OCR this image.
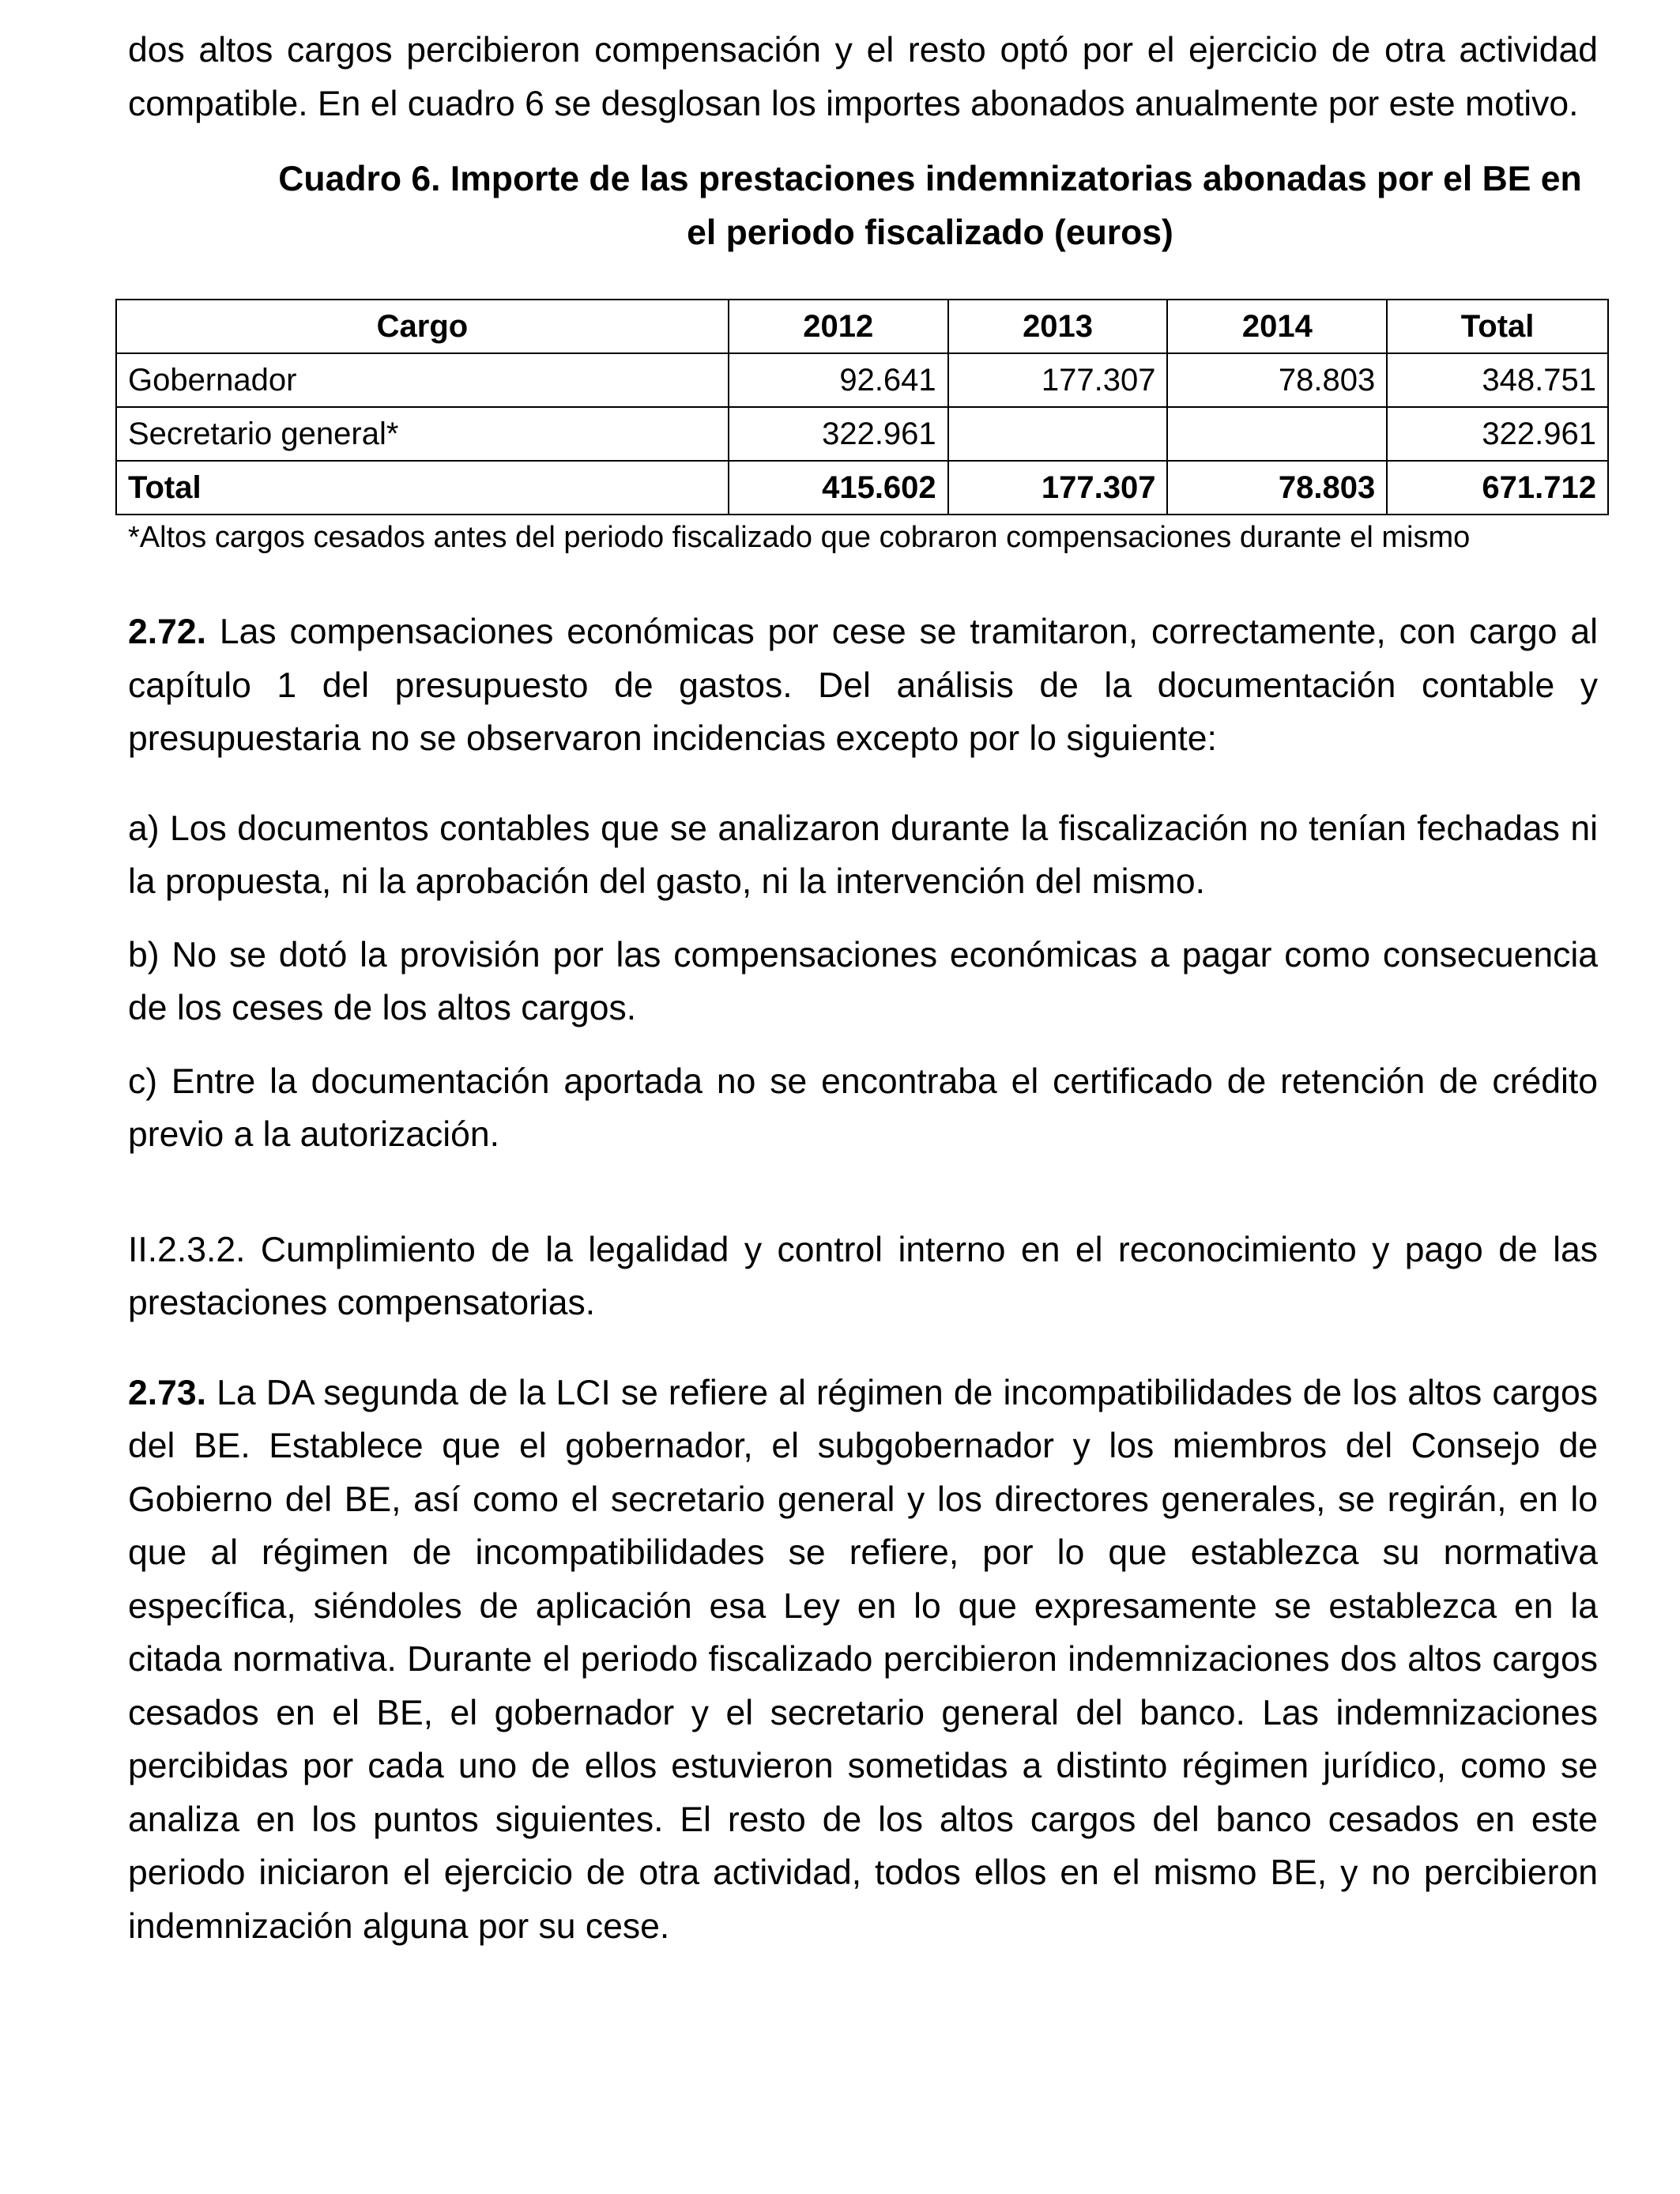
dos altos cargos percibieron compensación y el resto optó por el ejercicio de otra actividad compatible. En el cuadro 6 se desglosan los importes abonados anualmente por este motivo.

Cuadro 6. Importe de las prestaciones indemnizatorias abonadas por el BE en el periodo fiscalizado (euros)

Cargo	2012	2013	2014	Total
Gobernador	92.641	177.307	78.803	348.751
Secretario general*	322.961			322.961
Total	415.602	177.307	78.803	671.712

*Altos cargos cesados antes del periodo fiscalizado que cobraron compensaciones durante el mismo

2.72. Las compensaciones económicas por cese se tramitaron, correctamente, con cargo al capítulo 1 del presupuesto de gastos. Del análisis de la documentación contable y presupuestaria no se observaron incidencias excepto por lo siguiente:

a) Los documentos contables que se analizaron durante la fiscalización no tenían fechadas ni la propuesta, ni la aprobación del gasto, ni la intervención del mismo.

b) No se dotó la provisión por las compensaciones económicas a pagar como consecuencia de los ceses de los altos cargos.

c) Entre la documentación aportada no se encontraba el certificado de retención de crédito previo a la autorización.

II.2.3.2. Cumplimiento de la legalidad y control interno en el reconocimiento y pago de las prestaciones compensatorias.

2.73. La DA segunda de la LCI se refiere al régimen de incompatibilidades de los altos cargos del BE. Establece que el gobernador, el subgobernador y los miembros del Consejo de Gobierno del BE, así como el secretario general y los directores generales, se regirán, en lo que al régimen de incompatibilidades se refiere, por lo que establezca su normativa específica, siéndoles de aplicación esa Ley en lo que expresamente se establezca en la citada normativa. Durante el periodo fiscalizado percibieron indemnizaciones dos altos cargos cesados en el BE, el gobernador y el secretario general del banco. Las indemnizaciones percibidas por cada uno de ellos estuvieron sometidas a distinto régimen jurídico, como se analiza en los puntos siguientes. El resto de los altos cargos del banco cesados en este periodo iniciaron el ejercicio de otra actividad, todos ellos en el mismo BE, y no percibieron indemnización alguna por su cese.
